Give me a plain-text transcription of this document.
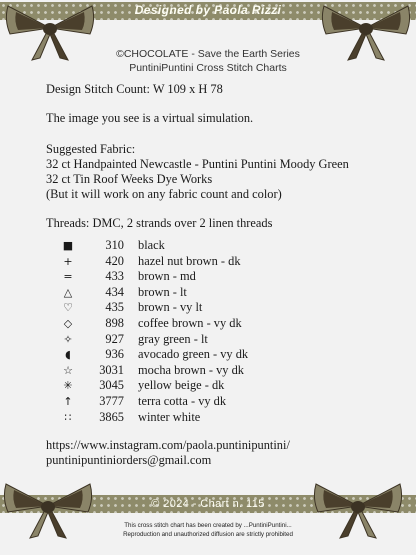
Designed by Paola Rizzi
©CHOCOLATE - Save the Earth Series
PuntiniPuntini Cross Stitch Charts
Design Stitch Count: W 109 x H 78
The image you see is a virtual simulation.
Suggested Fabric:
32 ct Handpainted Newcastle - Puntini Puntini Moody Green
32 ct Tin Roof Weeks Dye Works
(But it will work on any fabric count and color)
Threads: DMC, 2 strands over 2 linen threads
■	310 black
+	420 hazel nut brown - dk
=	433 brown - md
△	434 brown - lt
♡	435 brown - vy lt
◇	898 coffee brown - vy dk
✧	927 gray green - lt
◖	936 avocado green - vy dk
☆	3031 mocha brown - vy dk
✳	3045 yellow beige - dk
↑	3777 terra cotta - vy dk
∷	3865 winter white
https://www.instagram.com/paola.puntinipuntini/
puntinipuntiniorders@gmail.com
© 2024 - Chart n. 115
This cross stitch chart has been created by ...PuntiniPuntini...
Reproduction and unauthorized diffusion are strictly prohibited
